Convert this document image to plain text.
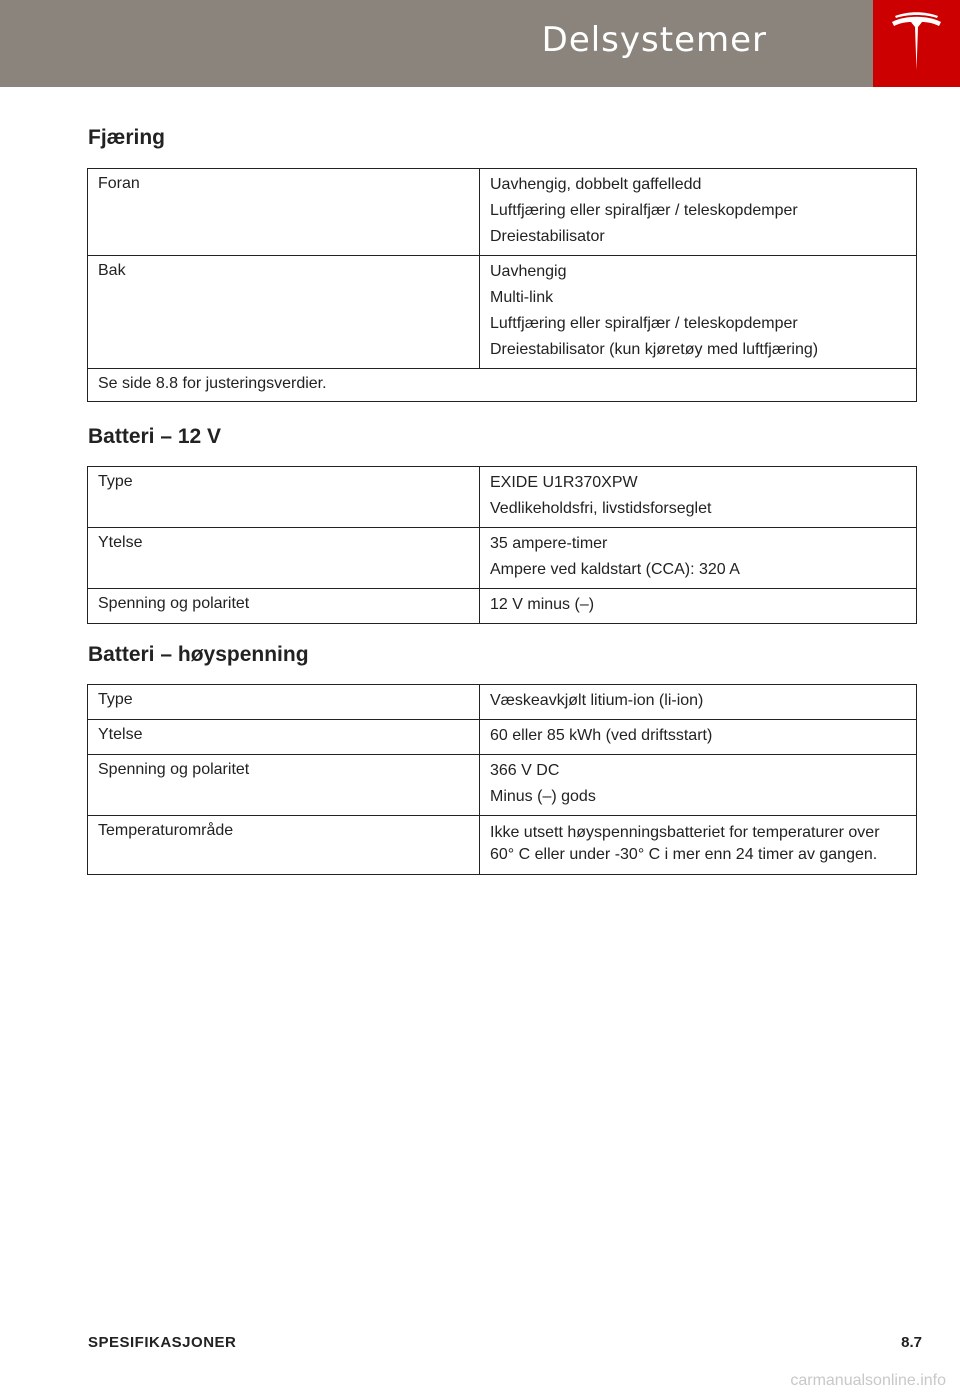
Delsystemer
Fjæring
Foran	Uavhengig, dobbelt gaffelledd
Luftfjæring eller spiralfjær / teleskopdemper
Dreiestabilisator

Bak	Uavhengig
Multi-link
Luftfjæring eller spiralfjær / teleskopdemper
Dreiestabilisator (kun kjøretøy med luftfjæring)

Se side 8.8 for justeringsverdier.	
Batteri – 12 V
Type	EXIDE U1R370XPW
Vedlikeholdsfri, livstidsforseglet

Ytelse	35 ampere-timer
Ampere ved kaldstart (CCA): 320 A

Spenning og polaritet	12 V minus (–)
Batteri – høyspenning
Type	Væskeavkjølt litium-ion (li-ion)

Ytelse	60 eller 85 kWh (ved driftsstart)

Spenning og polaritet	366 V DC
Minus (–) gods

Temperaturområde	Ikke utsett høyspenningsbatteriet for temperaturer over 60° C eller under -30° C i mer enn 24 timer av gangen.
SPESIFIKASJONER	8.7
carmanualsonline.info
